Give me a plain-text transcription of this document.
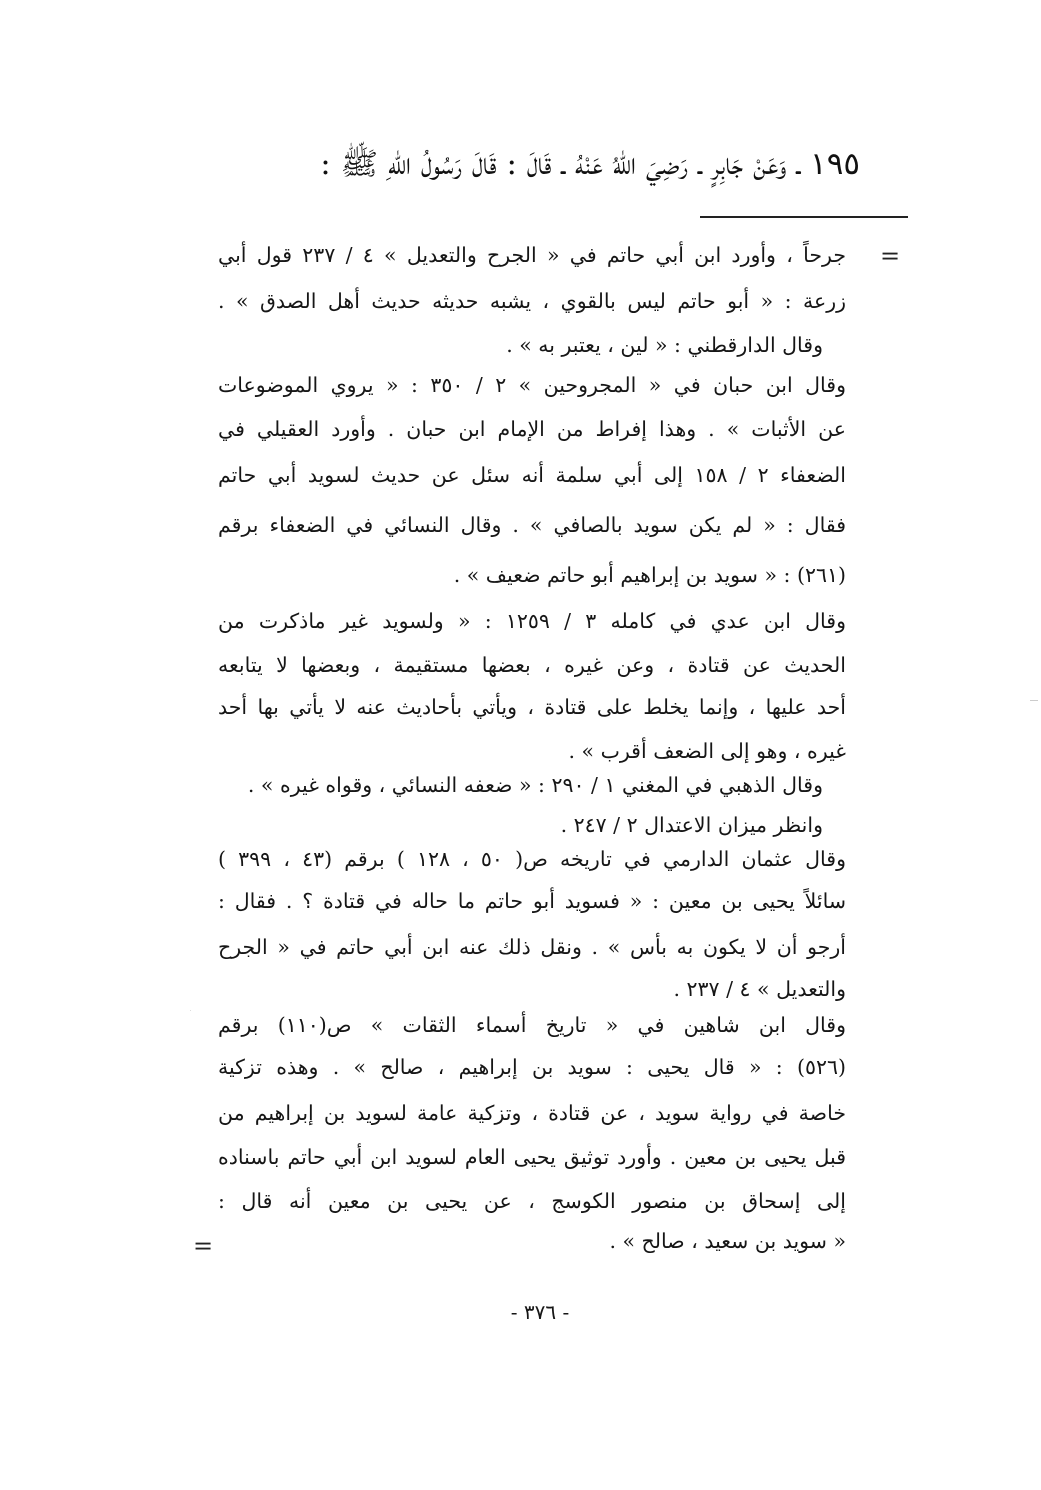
١٩٥ ـ وَعَنْ جَابِرٍ ـ رَضِيَ اللهُ عَنْهُ ـ قَالَ : قَالَ رَسُولُ اللهِ ﷺ :
=
جرحاً ، وأورد ابن أبي حاتم في « الجرح والتعديل » ٤ / ٢٣٧ قول أبي
زرعة : « أبو حاتم ليس بالقوي ، يشبه حديثه حديث أهل الصدق » .
وقال الدارقطني : « لين ، يعتبر به » .
وقال ابن حبان في « المجروحين » ٢ / ٣٥٠ : « يروي الموضوعات
عن الأثبات » . وهذا إفراط من الإمام ابن حبان . وأورد العقيلي في
الضعفاء ٢ / ١٥٨ إلى أبي سلمة أنه سئل عن حديث لسويد أبي حاتم
فقال : « لم يكن سويد بالصافي » . وقال النسائي في الضعفاء برقم
(٢٦١) : « سويد بن إبراهيم أبو حاتم ضعيف » .
وقال ابن عدي في كامله ٣ / ١٢٥٩ : « ولسويد غير ماذكرت من
الحديث عن قتادة ، وعن غيره ، بعضها مستقيمة ، وبعضها لا يتابعه
أحد عليها ، وإنما يخلط على قتادة ، ويأتي بأحاديث عنه لا يأتي بها أحد
غيره ، وهو إلى الضعف أقرب » .
وقال الذهبي في المغني ١ / ٢٩٠ : « ضعفه النسائي ، وقواه غيره » .
وانظر ميزان الاعتدال ٢ / ٢٤٧ .
وقال عثمان الدارمي في تاريخه ص( ٥٠ ، ١٢٨ ) برقم (٤٣ ، ٣٩٩ )
سائلاً يحيى بن معين : « فسويد أبو حاتم ما حاله في قتادة ؟ . فقال :
أرجو أن لا يكون به بأس » . ونقل ذلك عنه ابن أبي حاتم في « الجرح
والتعديل » ٤ / ٢٣٧ .
وقال ابن شاهين في « تاريخ أسماء الثقات » ص(١١٠) برقم
(٥٢٦) : « قال يحيى : سويد بن إبراهيم ، صالح » . وهذه تزكية
خاصة في رواية سويد ، عن قتادة ، وتزكية عامة لسويد بن إبراهيم من
قبل يحيى بن معين . وأورد توثيق يحيى العام لسويد ابن أبي حاتم باسناده
إلى إسحاق بن منصور الكوسج ، عن يحيى بن معين أنه قال :
« سويد بن سعيد ، صالح » .
=
- ٣٧٦ -
